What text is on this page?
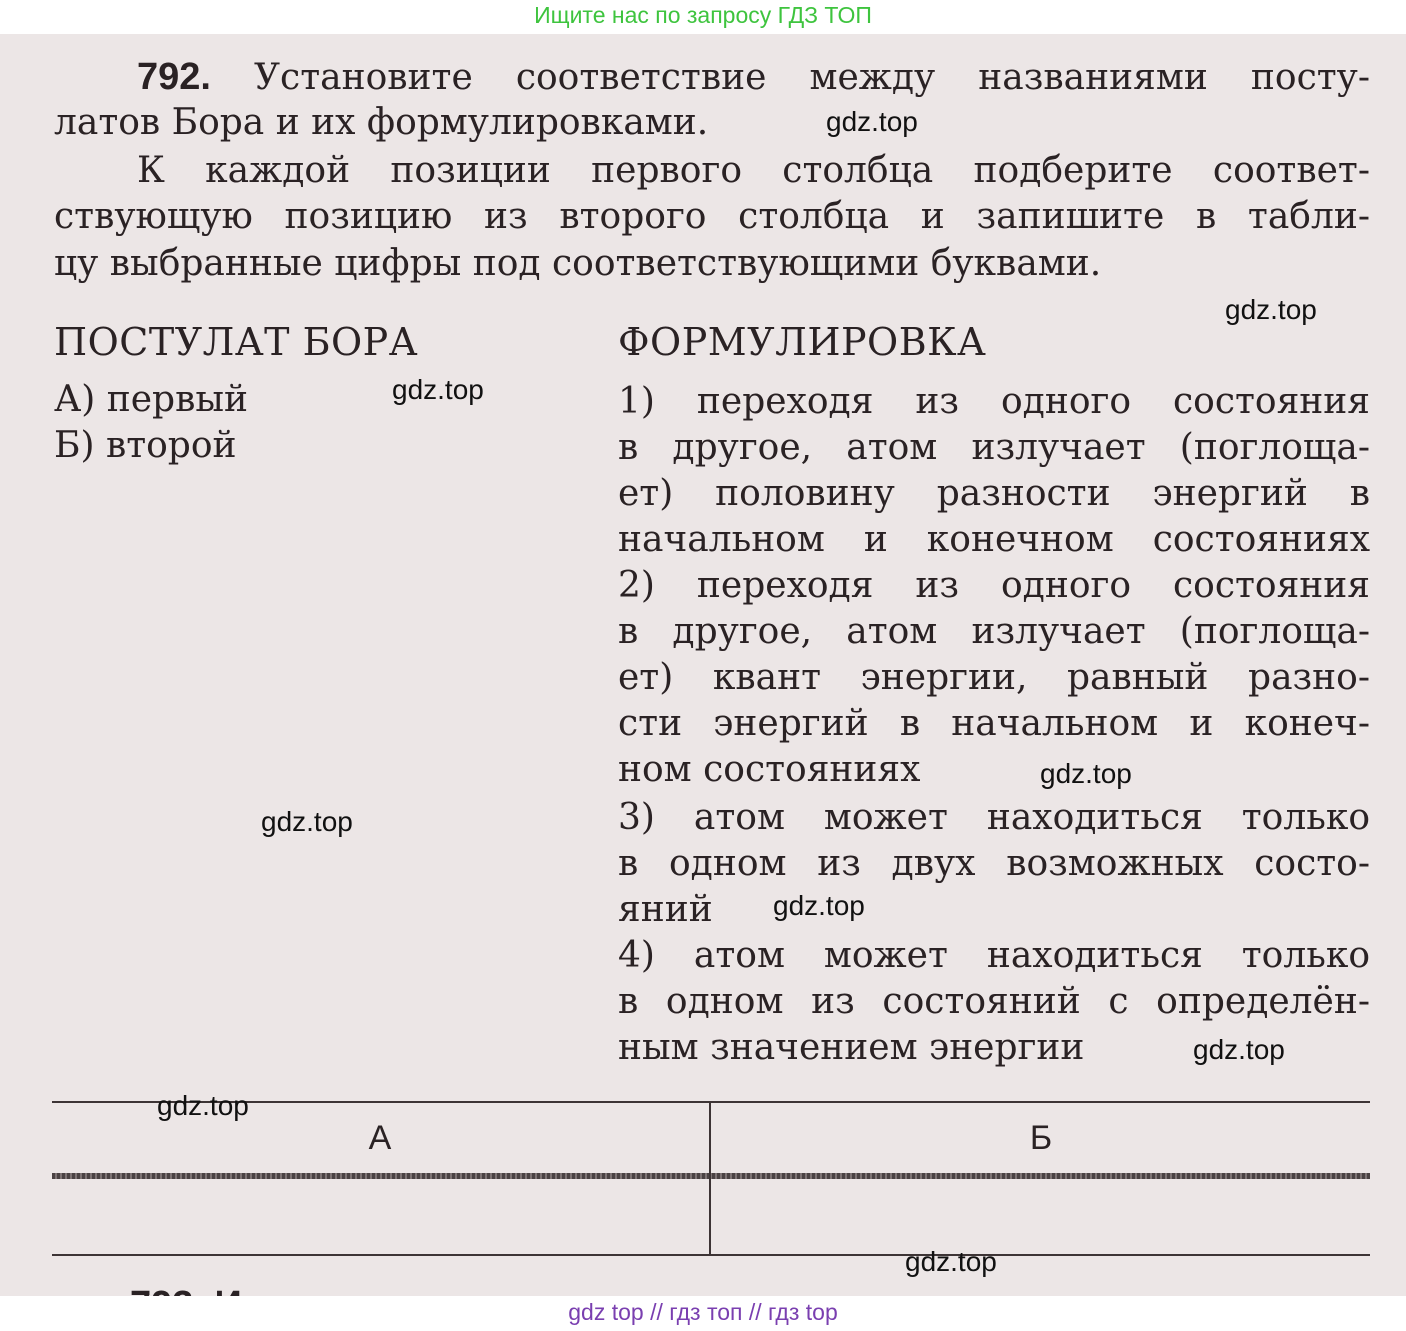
Ищите нас по запросу ГДЗ ТОП
792. Установите соответствие между названиями посту-
латов Бора и их формулировками.
К каждой позиции первого столбца подберите соответ-
ствующую позицию из второго столбца и запишите в табли-
цу выбранные цифры под соответствующими буквами.
ПОСТУЛАТ БОРА
А) первый
Б) второй
ФОРМУЛИРОВКА
1) переходя из одного состояния
в другое, атом излучает (поглоща-
ет) половину разности энергий в
начальном и конечном состояниях
2) переходя из одного состояния
в другое, атом излучает (поглоща-
ет) квант энергии, равный разно-
сти энергий в начальном и конеч-
ном состояниях
3) атом может находиться только
в одном из двух возможных состо-
яний
4) атом может находиться только
в одном из состояний с определён-
ным значением энергии
А	Б
gdz.top
gdz.top
gdz.top
gdz.top
gdz.top
gdz.top
gdz.top
gdz.top
gdz.top
gdz top // гдз топ // гдз top
